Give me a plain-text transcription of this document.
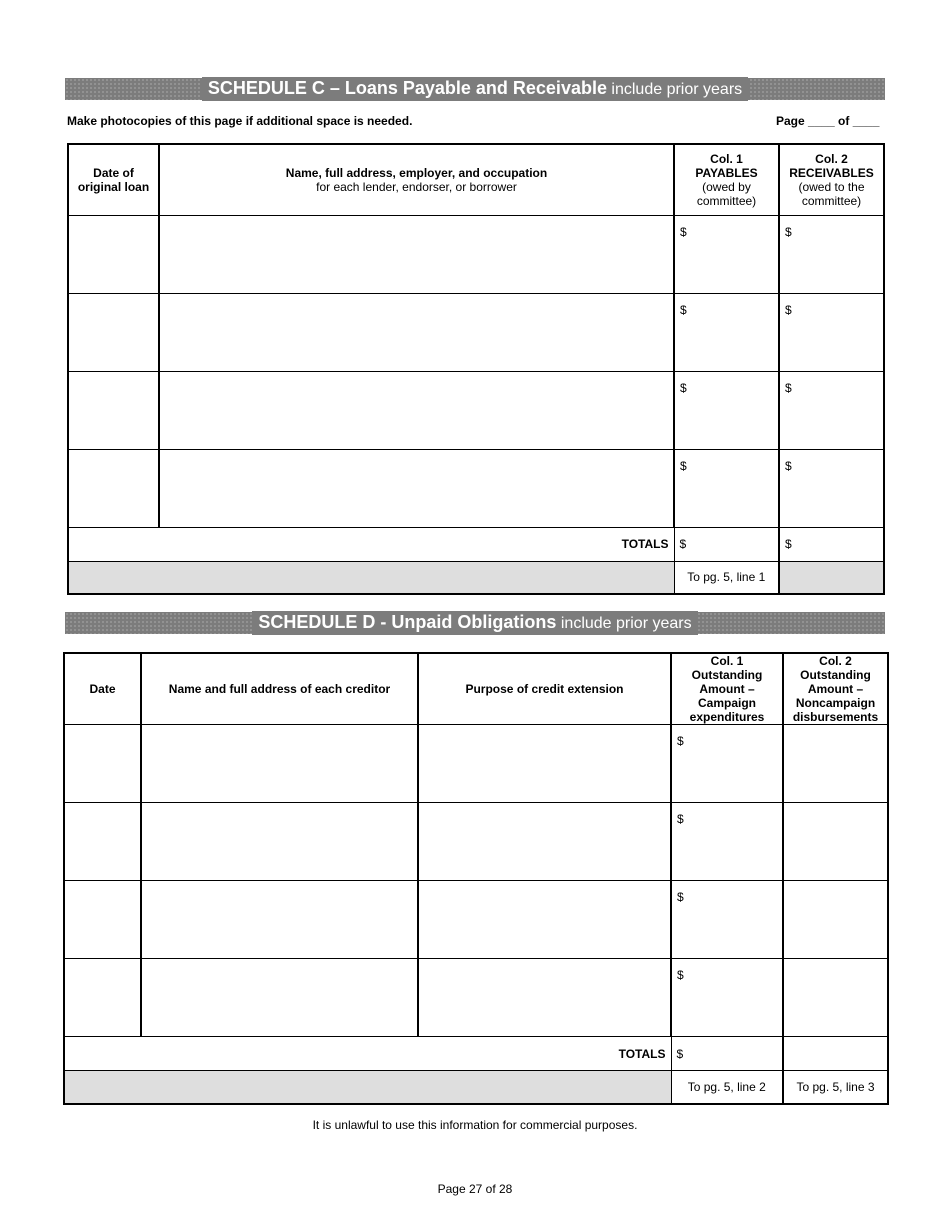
SCHEDULE C – Loans Payable and Receivable include prior years
Make photocopies of this page if additional space is needed.	Page ____ of ____
Date of
original loan	Name, full address, employer, and occupation
for each lender, endorser, or borrower	Col. 1
PAYABLES
(owed by
committee)	Col. 2
RECEIVABLES
(owed to the
committee)

		$	$

		$	$

		$	$

		$	$

TOTALS		$	$

		To pg. 5, line 1	
SCHEDULE D - Unpaid Obligations include prior years
Date	Name and full address of each creditor	Purpose of credit extension	Col. 1
Outstanding
Amount –
Campaign
expenditures	Col. 2
Outstanding
Amount –
Noncampaign
disbursements

			$	

			$	

			$	

			$	

TOTALS			$	

			To pg. 5, line 2	To pg. 5, line 3
It is unlawful to use this information for commercial purposes.
Page 27 of 28
